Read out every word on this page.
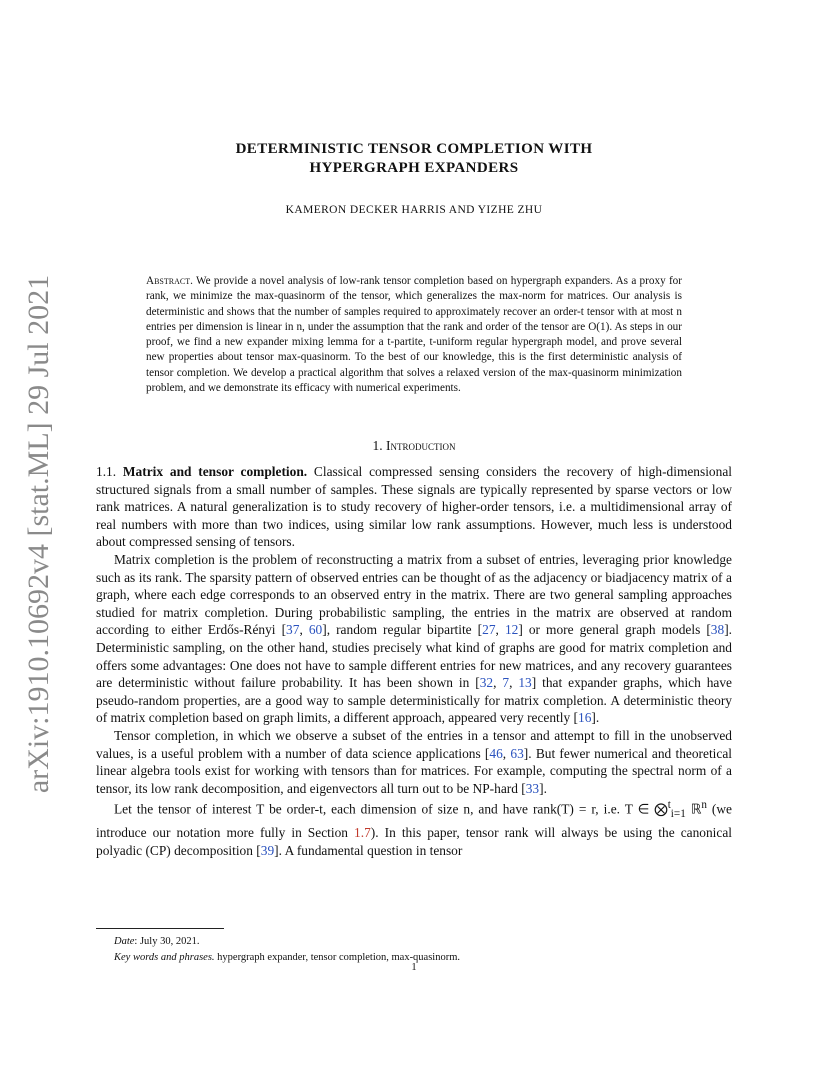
arXiv:1910.10692v4 [stat.ML] 29 Jul 2021
DETERMINISTIC TENSOR COMPLETION WITH
HYPERGRAPH EXPANDERS
KAMERON DECKER HARRIS AND YIZHE ZHU
Abstract. We provide a novel analysis of low-rank tensor completion based on hypergraph expanders. As a proxy for rank, we minimize the max-quasinorm of the tensor, which generalizes the max-norm for matrices. Our analysis is deterministic and shows that the number of samples required to approximately recover an order-t tensor with at most n entries per dimension is linear in n, under the assumption that the rank and order of the tensor are O(1). As steps in our proof, we find a new expander mixing lemma for a t-partite, t-uniform regular hypergraph model, and prove several new properties about tensor max-quasinorm. To the best of our knowledge, this is the first deterministic analysis of tensor completion. We develop a practical algorithm that solves a relaxed version of the max-quasinorm minimization problem, and we demonstrate its efficacy with numerical experiments.
1. Introduction

1.1. Matrix and tensor completion. Classical compressed sensing considers the recovery of high-dimensional structured signals from a small number of samples. These signals are typically represented by sparse vectors or low rank matrices. A natural generalization is to study recovery of higher-order tensors, i.e. a multidimensional array of real numbers with more than two indices, using similar low rank assumptions. However, much less is understood about compressed sensing of tensors.

Matrix completion is the problem of reconstructing a matrix from a subset of entries, leveraging prior knowledge such as its rank. The sparsity pattern of observed entries can be thought of as the adjacency or biadjacency matrix of a graph, where each edge corresponds to an observed entry in the matrix. There are two general sampling approaches studied for matrix completion. During probabilistic sampling, the entries in the matrix are observed at random according to either Erdős-Rényi [37, 60], random regular bipartite [27, 12] or more general graph models [38]. Deterministic sampling, on the other hand, studies precisely what kind of graphs are good for matrix completion and offers some advantages: One does not have to sample different entries for new matrices, and any recovery guarantees are deterministic without failure probability. It has been shown in [32, 7, 13] that expander graphs, which have pseudo-random properties, are a good way to sample deterministically for matrix completion. A deterministic theory of matrix completion based on graph limits, a different approach, appeared very recently [16].

Tensor completion, in which we observe a subset of the entries in a tensor and attempt to fill in the unobserved values, is a useful problem with a number of data science applications [46, 63]. But fewer numerical and theoretical linear algebra tools exist for working with tensors than for matrices. For example, computing the spectral norm of a tensor, its low rank decomposition, and eigenvectors all turn out to be NP-hard [33].

Let the tensor of interest T be order-t, each dimension of size n, and have rank(T) = r, i.e. T ∈ ⨂$^t_{i=1}$ ℝ$^n$ (we introduce our notation more fully in Section 1.7). In this paper, tensor rank will always be using the canonical polyadic (CP) decomposition [39]. A fundamental question in tensor

Date: July 30, 2021.
Key words and phrases. hypergraph expander, tensor completion, max-quasinorm.
1
